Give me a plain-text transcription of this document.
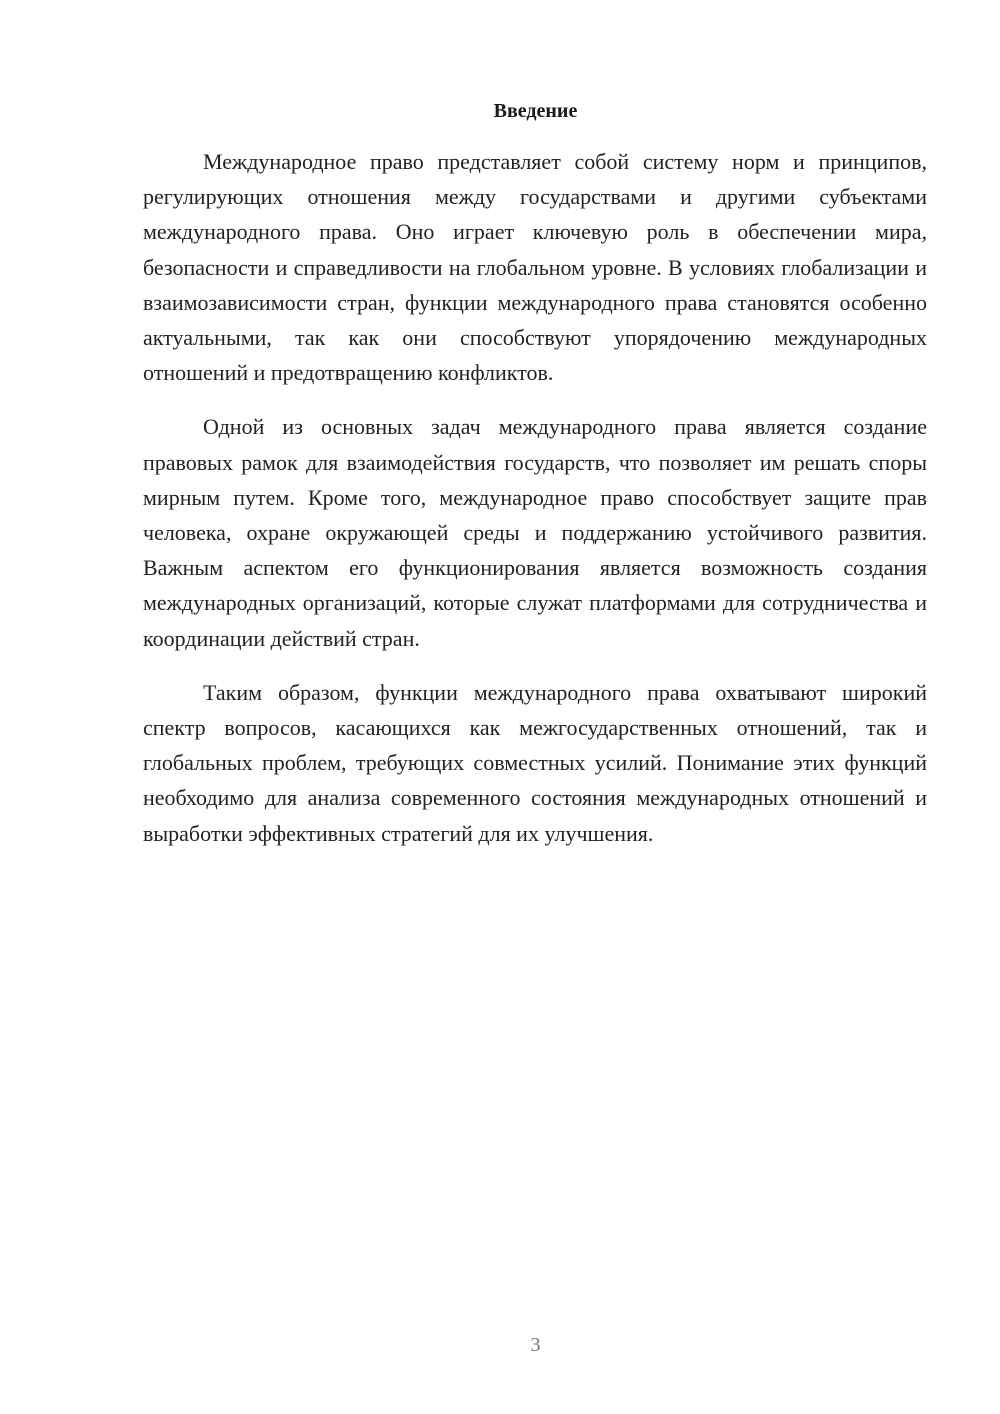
Введение

Международное право представляет собой систему норм и принципов, регулирующих отношения между государствами и другими субъектами международного права. Оно играет ключевую роль в обеспечении мира, безопасности и справедливости на глобальном уровне. В условиях глобализации и взаимозависимости стран, функции международного права становятся особенно актуальными, так как они способствуют упорядочению международных отношений и предотвращению конфликтов.

Одной из основных задач международного права является создание правовых рамок для взаимодействия государств, что позволяет им решать споры мирным путем. Кроме того, международное право способствует защите прав человека, охране окружающей среды и поддержанию устойчивого развития. Важным аспектом его функционирования является возможность создания международных организаций, которые служат платформами для сотрудничества и координации действий стран.

Таким образом, функции международного права охватывают широкий спектр вопросов, касающихся как межгосударственных отношений, так и глобальных проблем, требующих совместных усилий. Понимание этих функций необходимо для анализа современного состояния международных отношений и выработки эффективных стратегий для их улучшения.

3
